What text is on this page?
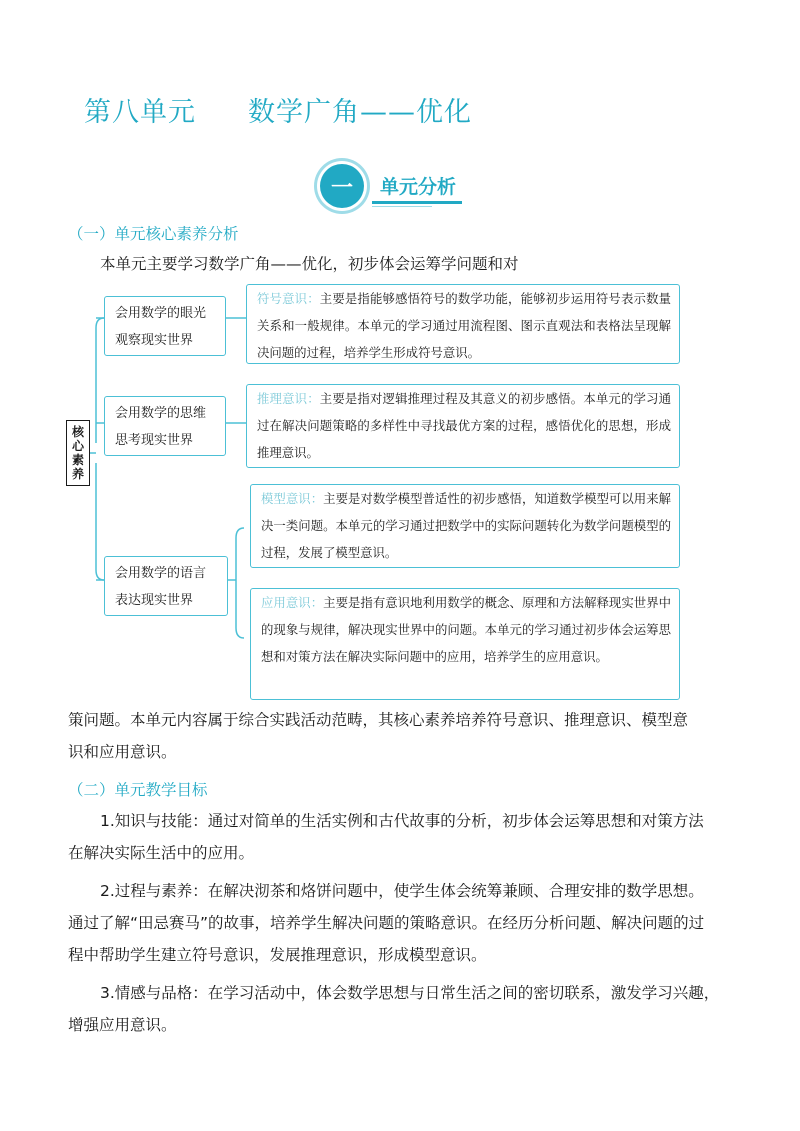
第八单元 数学广角——优化
一	单元分析
（一）单元核心素养分析
本单元主要学习数学广角——优化，初步体会运筹学问题和对
核
心
素
养
会用数学的眼光
观察现实世界
会用数学的思维
思考现实世界
会用数学的语言
表达现实世界
符号意识：主要是指能够感悟符号的数学功能，能够初步运用符号表示数量关系和一般规律。本单元的学习通过用流程图、图示直观法和表格法呈现解决问题的过程，培养学生形成符号意识。
推理意识：主要是指对逻辑推理过程及其意义的初步感悟。本单元的学习通过在解决问题策略的多样性中寻找最优方案的过程，感悟优化的思想，形成推理意识。
模型意识：主要是对数学模型普适性的初步感悟，知道数学模型可以用来解决一类问题。本单元的学习通过把数学中的实际问题转化为数学问题模型的过程，发展了模型意识。
应用意识：主要是指有意识地利用数学的概念、原理和方法解释现实世界中的现象与规律，解决现实世界中的问题。本单元的学习通过初步体会运筹思想和对策方法在解决实际问题中的应用，培养学生的应用意识。
策问题。本单元内容属于综合实践活动范畴，其核心素养培养符号意识、推理意识、模型意
识和应用意识。
（二）单元教学目标
1.知识与技能：通过对简单的生活实例和古代故事的分析，初步体会运筹思想和对策方法
在解决实际生活中的应用。
2.过程与素养：在解决沏茶和烙饼问题中，使学生体会统筹兼顾、合理安排的数学思想。
通过了解“田忌赛马”的故事，培养学生解决问题的策略意识。在经历分析问题、解决问题的过
程中帮助学生建立符号意识，发展推理意识，形成模型意识。
3.情感与品格：在学习活动中，体会数学思想与日常生活之间的密切联系，激发学习兴趣，
增强应用意识。
